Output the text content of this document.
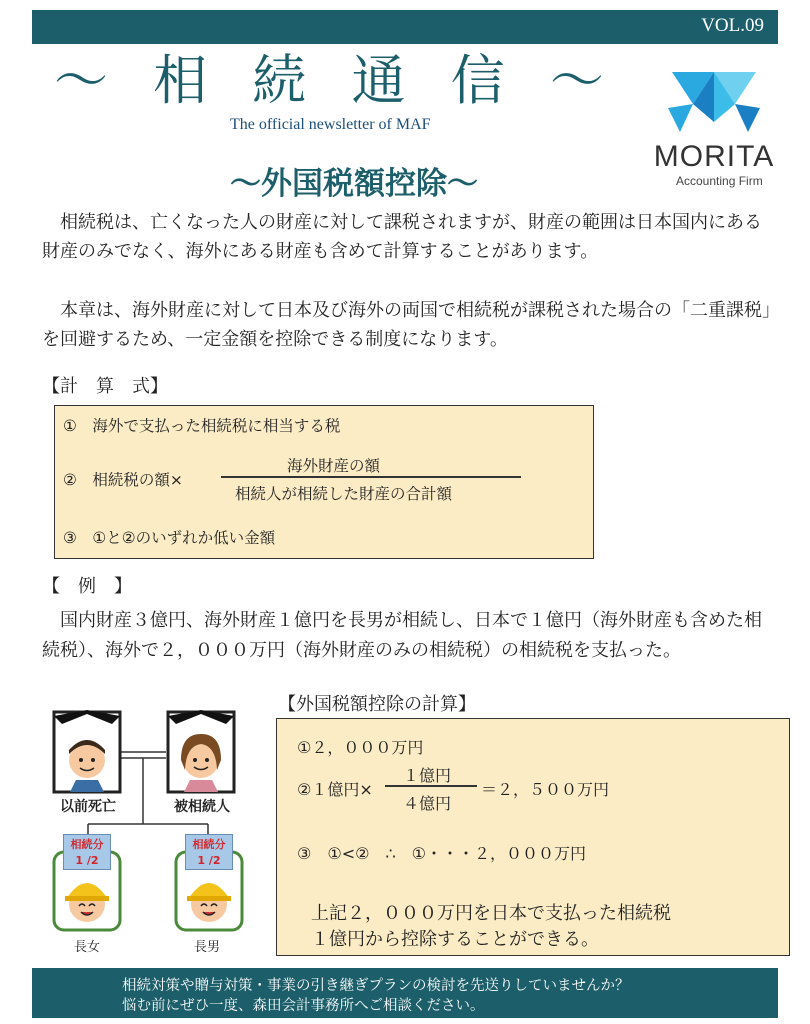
VOL.09
～ 相 続 通 信 ～
The official newsletter of MAF
MORITA
Accounting Firm
～外国税額控除～
　相続税は、亡くなった人の財産に対して課税されますが、財産の範囲は日本国内にある財産のみでなく、海外にある財産も含めて計算することがあります。
　本章は、海外財産に対して日本及び海外の両国で相続税が課税された場合の「二重課税」を回避するため、一定金額を控除できる制度になります。
【計　算　式】
①　海外で支払った相続税に相当する税
②　相続税の額×
海外財産の額
相続人が相続した財産の合計額
③　①と②のいずれか低い金額
【　例　】
　国内財産３億円、海外財産１億円を長男が相続し、日本で１億円（海外財産も含めた相続税）、海外で２，０００万円（海外財産のみの相続税）の相続税を支払った。
以前死亡	被相続人
相続分
1 /2
相続分
1 /2
長女	長男
【外国税額控除の計算】
①２，０００万円
②１億円×
１億円
４億円
＝２，５００万円
③　①<②　∴　①・・・２，０００万円
上記２，０００万円を日本で支払った相続税
１億円から控除することができる。
相続対策や贈与対策・事業の引き継ぎプランの検討を先送りしていませんか？
悩む前にぜひ一度、森田会計事務所へご相談ください。
